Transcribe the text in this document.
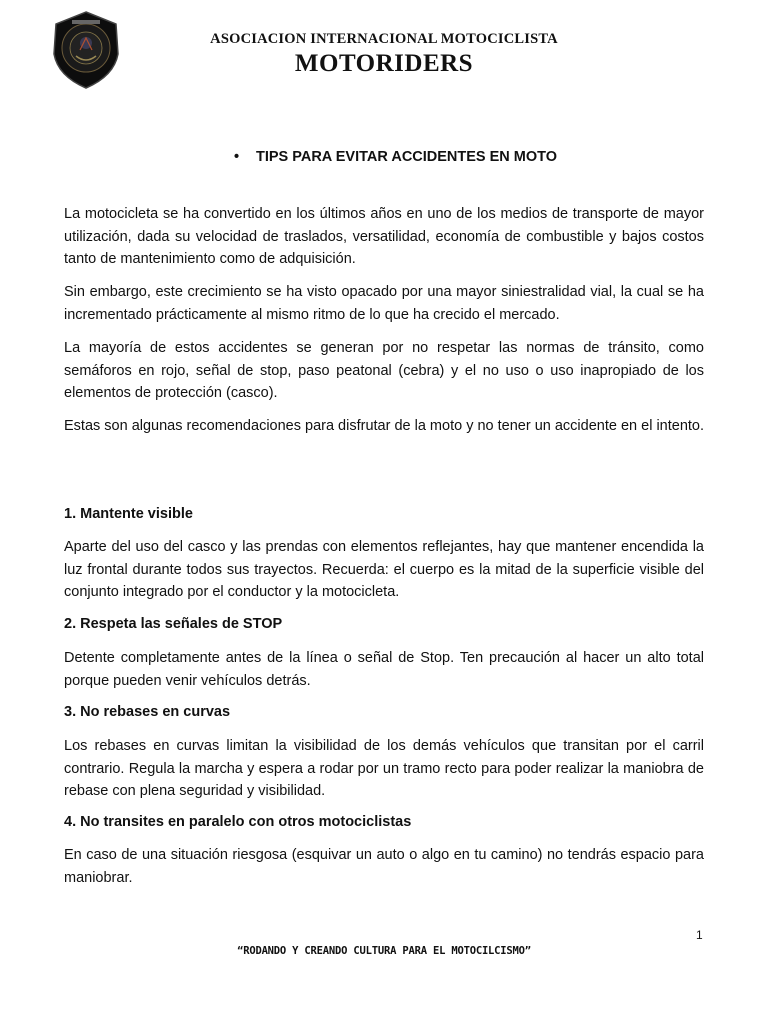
ASOCIACION INTERNACIONAL MOTOCICLISTA
MOTORIDERS
• TIPS PARA EVITAR ACCIDENTES EN MOTO

La motocicleta se ha convertido en los últimos años en uno de los medios de transporte de mayor utilización, dada su velocidad de traslados, versatilidad, economía de combustible y bajos costos tanto de mantenimiento como de adquisición.

Sin embargo, este crecimiento se ha visto opacado por una mayor siniestralidad vial, la cual se ha incrementado prácticamente al mismo ritmo de lo que ha crecido el mercado.

La mayoría de estos accidentes se generan por no respetar las normas de tránsito, como semáforos en rojo, señal de stop, paso peatonal (cebra) y el no uso o uso inapropiado de los elementos de protección (casco).

Estas son algunas recomendaciones para disfrutar de la moto y no tener un accidente en el intento.

1. Mantente visible

Aparte del uso del casco y las prendas con elementos reflejantes, hay que mantener encendida la luz frontal durante todos sus trayectos. Recuerda: el cuerpo es la mitad de la superficie visible del conjunto integrado por el conductor y la motocicleta.

2. Respeta las señales de STOP

Detente completamente antes de la línea o señal de Stop. Ten precaución al hacer un alto total porque pueden venir vehículos detrás.

3. No rebases en curvas

Los rebases en curvas limitan la visibilidad de los demás vehículos que transitan por el carril contrario. Regula la marcha y espera a rodar por un tramo recto para poder realizar la maniobra de rebase con plena seguridad y visibilidad.

4. No transites en paralelo con otros motociclistas

En caso de una situación riesgosa (esquivar un auto o algo en tu camino) no tendrás espacio para maniobrar.

1
“RODANDO Y CREANDO CULTURA PARA EL MOTOCILCISMO”
